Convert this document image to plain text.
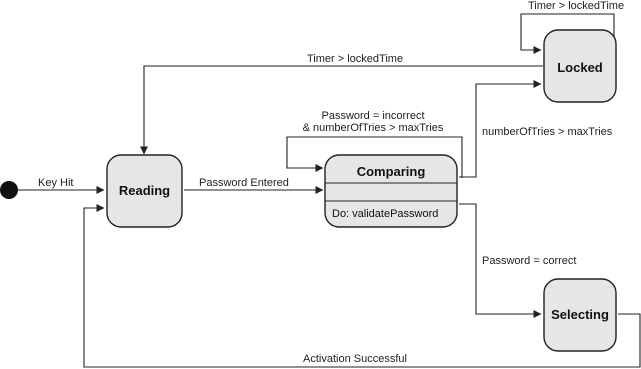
Reading
Comparing
Do: validatePassword
Locked
Selecting
Key Hit	Password Entered
Password = incorrect
& numberOfTries > maxTries	numberOfTries > maxTries
Timer > lockedTime
Timer > lockedTime
Password = correct
Activation Successful
